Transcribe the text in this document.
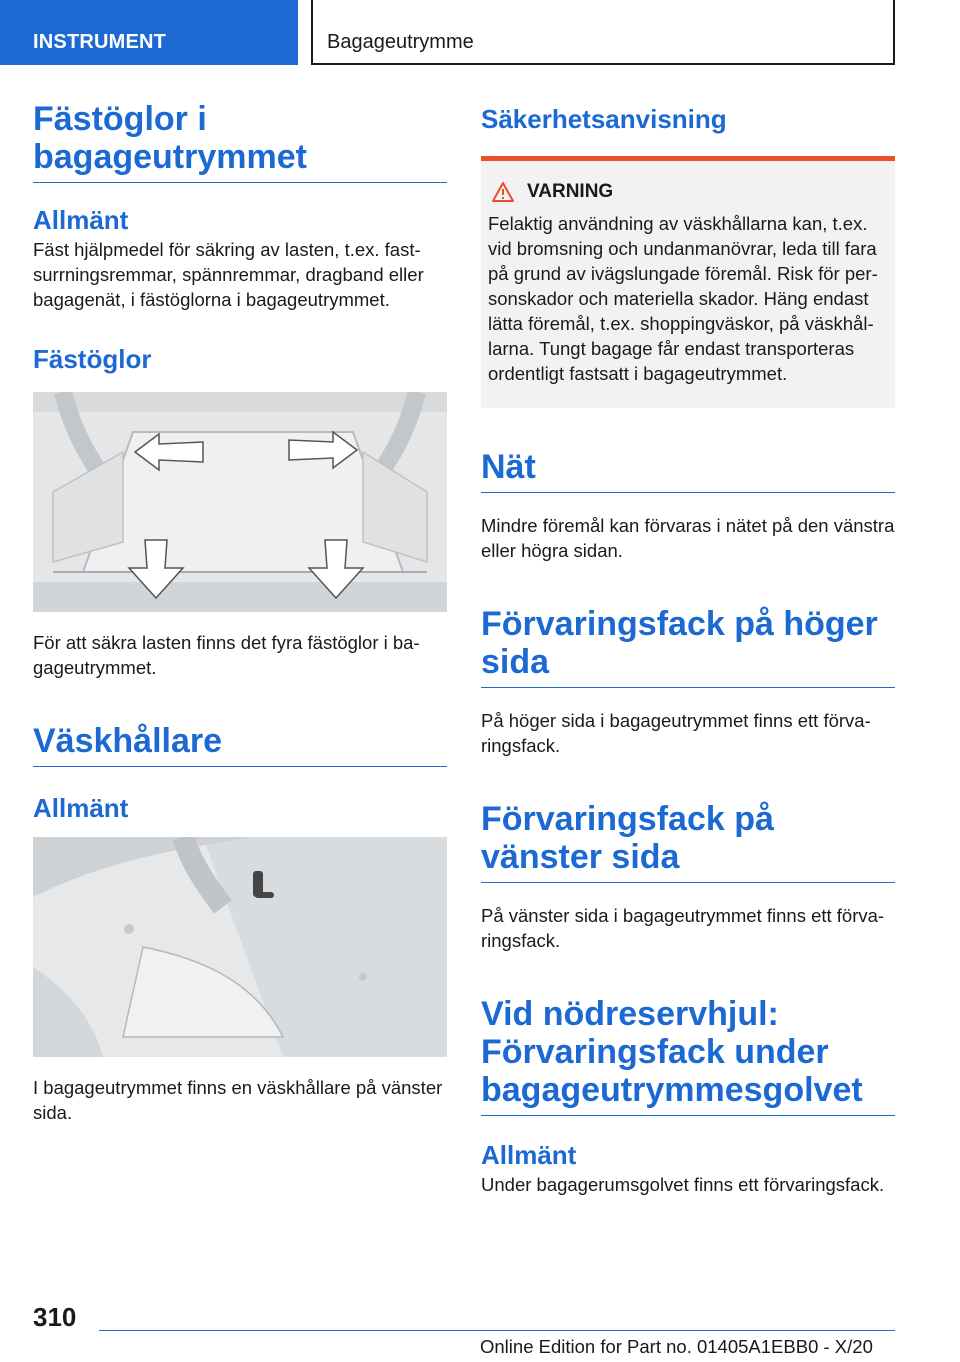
INSTRUMENT	Bagageutrymme
Fästöglor i bagageutrymmet
Allmänt

Fäst hjälpmedel för säkring av lasten, t.ex. fastsurrningsremmar, spännremmar, dragband eller bagagenät, i fästöglorna i bagageutrymmet.

Fästöglor

För att säkra lasten finns det fyra fästöglor i bagageutrymmet.

Väskhållare
Allmänt

I bagageutrymmet finns en väskhållare på vänster sida.

Säkerhetsanvisning
VARNING

Felaktig användning av väskhållarna kan, t.ex. vid bromsning och undanmanövrar, leda till fara på grund av ivägslungade föremål. Risk för personskador och materiella skador. Häng endast lätta föremål, t.ex. shoppingväskor, på väskhållarna. Tungt bagage får endast transporteras ordentligt fastsatt i bagageutrymmet.

Nät

Mindre föremål kan förvaras i nätet på den vänstra eller högra sidan.

Förvaringsfack på höger sida

På höger sida i bagageutrymmet finns ett förvaringsfack.

Förvaringsfack på vänster sida

På vänster sida i bagageutrymmet finns ett förvaringsfack.

Vid nödreservhjul: Förvaringsfack under bagageutrymmesgolvet
Allmänt

Under bagagerumsgolvet finns ett förvaringsfack.

310
Online Edition for Part no. 01405A1EBB0 - X/20
